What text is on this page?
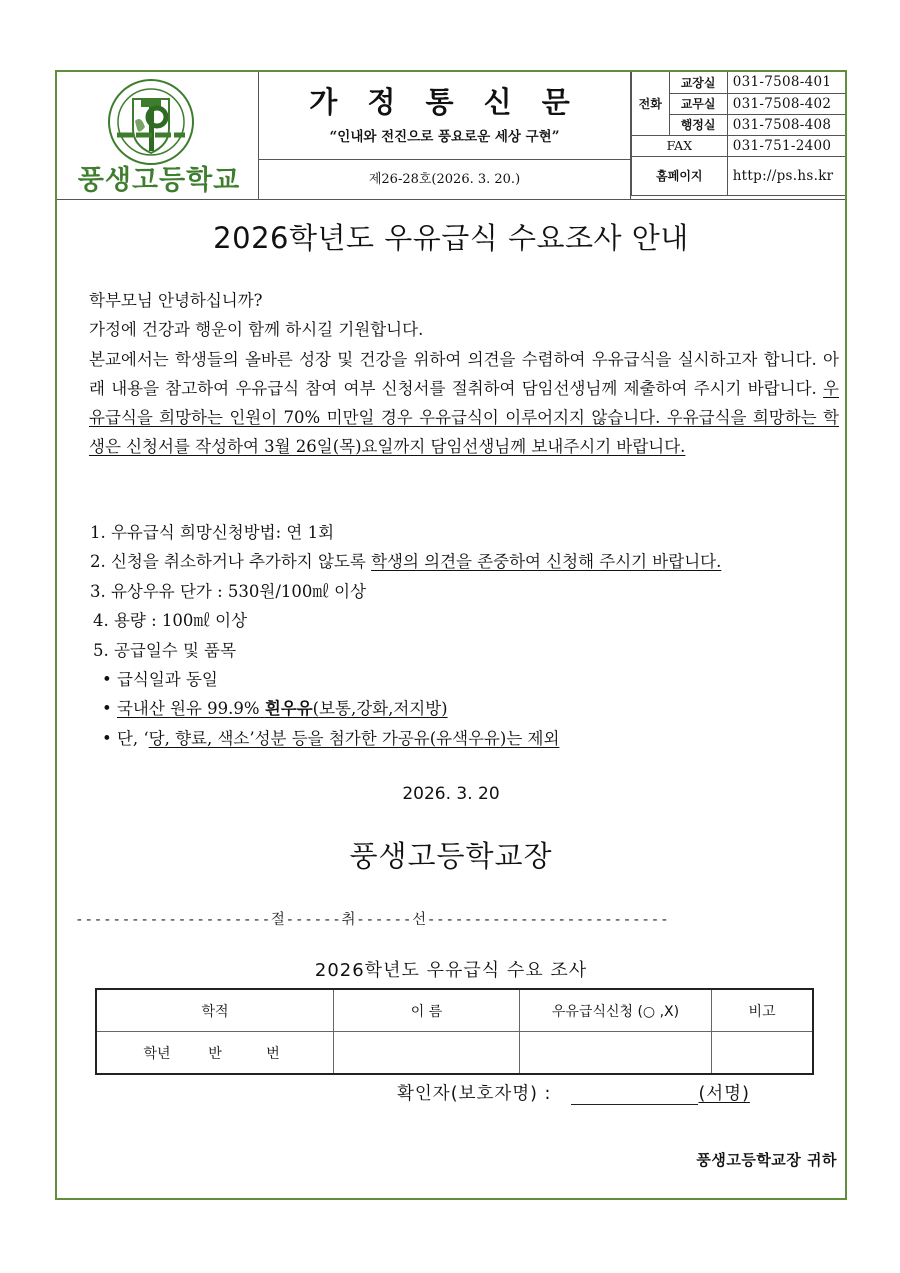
풍생고등학교
가 정 통 신 문
“인내와 전진으로 풍요로운 세상 구현”
제26-28호(2026. 3. 20.)
전화	교장실	031-7508-401
	교무실	031-7508-402
	행정실	031-7508-408
FAX		031-751-2400
홈페이지		http://ps.hs.kr
2026학년도 우유급식 수요조사 안내
학부모님 안녕하십니까?
가정에 건강과 행운이 함께 하시길 기원합니다.
본교에서는 학생들의 올바른 성장 및 건강을 위하여 의견을 수렴하여 우유급식을 실시하고자 합니다. 아래 내용을 참고하여 우유급식 참여 여부 신청서를 절취하여 담임선생님께 제출하여 주시기 바랍니다. 우유급식을 희망하는 인원이 70% 미만일 경우 우유급식이 이루어지지 않습니다. 우유급식을 희망하는 학생은 신청서를 작성하여 3월 26일(목)요일까지 담임선생님께 보내주시기 바랍니다.
1. 우유급식 희망신청방법: 연 1회
2. 신청을 취소하거나 추가하지 않도록 학생의 의견을 존중하여 신청해 주시기 바랍니다.
3. 유상우유 단가 : 530원/100㎖ 이상
4. 용량 : 100㎖ 이상
5. 공급일수 및 품목
• 급식일과 동일
• 국내산 원유 99.9% 흰우유(보통,강화,저지방)
• 단, ‘당, 향료, 색소’성분 등을 첨가한 가공유(유색우유)는 제외
2026. 3. 20
풍생고등학교장
---------------------절------취------선--------------------------
2026학년도 우유급식 수요 조사
학적	이 름	우유급식신청 (○ ,X)	비고
학년 반 번			
확인자(보호자명) :	(서명)
풍생고등학교장 귀하
